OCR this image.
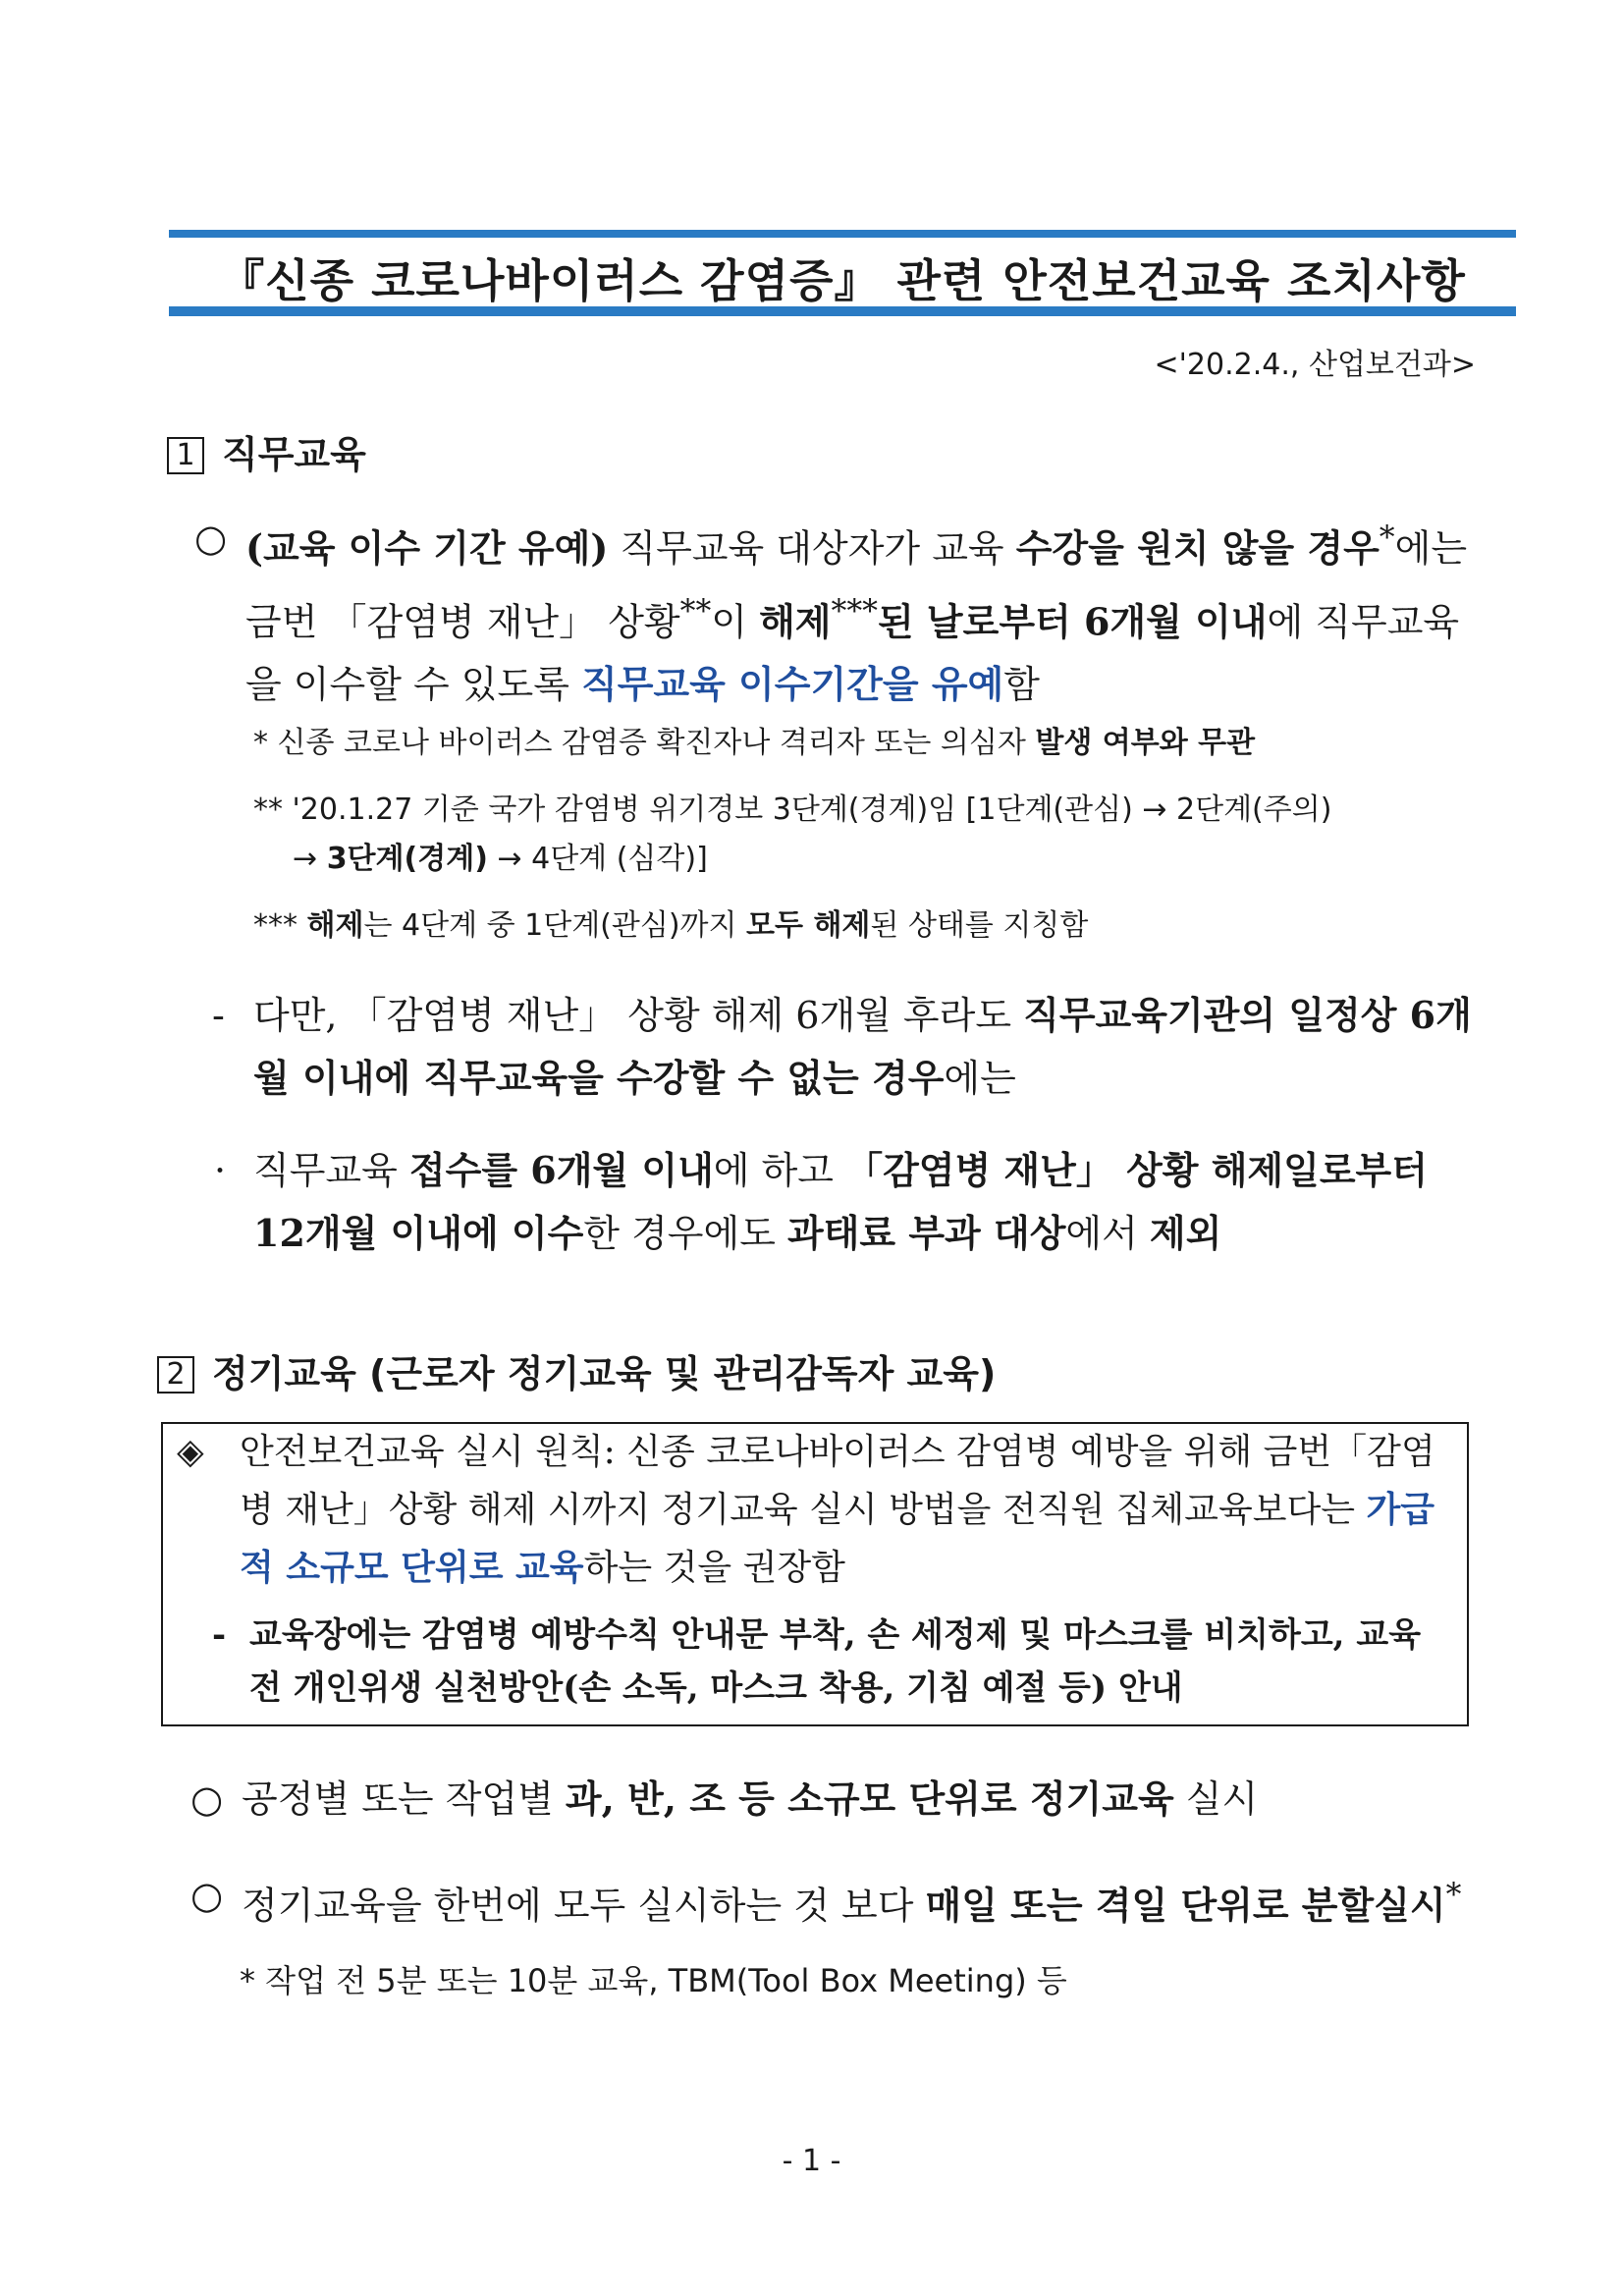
『신종 코로나바이러스 감염증』 관련 안전보건교육 조치사항
<'20.2.4., 산업보건과>
1 직무교육
○ (교육 이수 기간 유예) 직무교육 대상자가 교육 수강을 원치 않을 경우*에는 금번 「감염병 재난」 상황**이 해제***된 날로부터 6개월 이내에 직무교육을 이수할 수 있도록 직무교육 이수기간을 유예함
* 신종 코로나 바이러스 감염증 확진자나 격리자 또는 의심자 발생 여부와 무관
** '20.1.27 기준 국가 감염병 위기경보 3단계(경계)임 [1단계(관심) → 2단계(주의)
→ 3단계(경계) → 4단계 (심각)]
*** 해제는 4단계 중 1단계(관심)까지 모두 해제된 상태를 지칭함
- 다만, 「감염병 재난」 상황 해제 6개월 후라도 직무교육기관의 일정상 6개월 이내에 직무교육을 수강할 수 없는 경우에는
· 직무교육 접수를 6개월 이내에 하고 「감염병 재난」 상황 해제일로부터 12개월 이내에 이수한 경우에도 과태료 부과 대상에서 제외
2 정기교육 (근로자 정기교육 및 관리감독자 교육)
◈ 안전보건교육 실시 원칙: 신종 코로나바이러스 감염병 예방을 위해 금번「감염병 재난」상황 해제 시까지 정기교육 실시 방법을 전직원 집체교육보다는 가급적 소규모 단위로 교육하는 것을 권장함
- 교육장에는 감염병 예방수칙 안내문 부착, 손 세정제 및 마스크를 비치하고, 교육 전 개인위생 실천방안(손 소독, 마스크 착용, 기침 예절 등) 안내
○ 공정별 또는 작업별 과, 반, 조 등 소규모 단위로 정기교육 실시
○ 정기교육을 한번에 모두 실시하는 것 보다 매일 또는 격일 단위로 분할실시*
* 작업 전 5분 또는 10분 교육, TBM(Tool Box Meeting) 등
- 1 -
